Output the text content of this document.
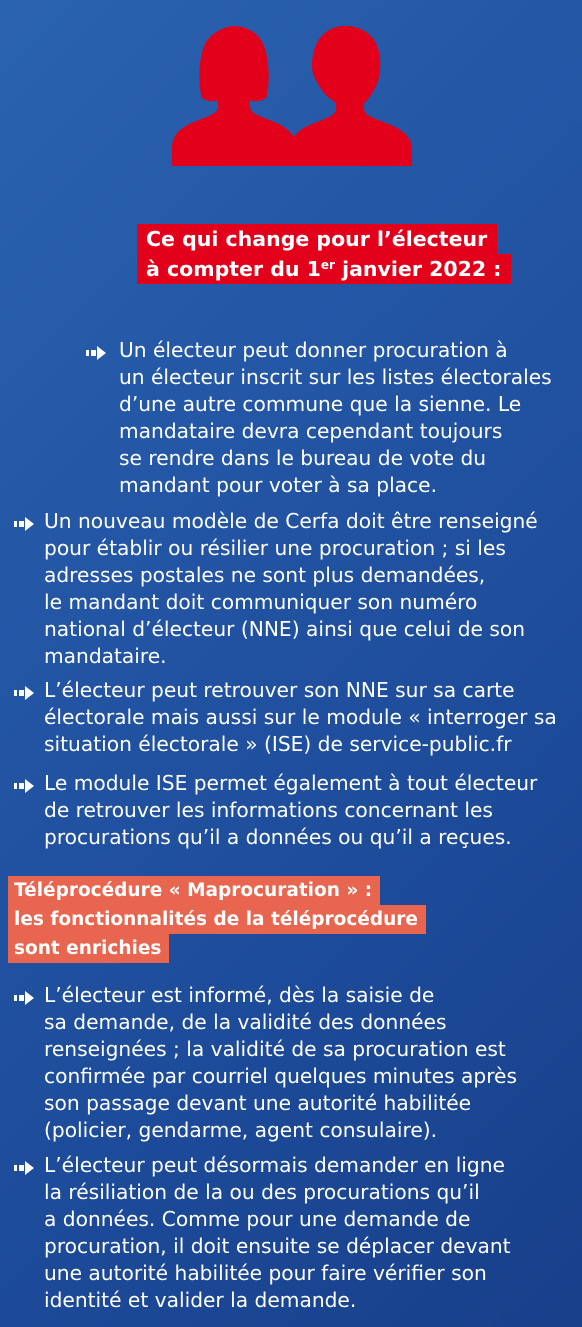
Ce qui change pour l’électeur
à compter du 1er janvier 2022 :

Un électeur peut donner procuration à
un électeur inscrit sur les listes électorales
d’une autre commune que la sienne. Le
mandataire devra cependant toujours
se rendre dans le bureau de vote du
mandant pour voter à sa place.

Un nouveau modèle de Cerfa doit être renseigné
pour établir ou résilier une procuration ; si les
adresses postales ne sont plus demandées,
le mandant doit communiquer son numéro
national d’électeur (NNE) ainsi que celui de son
mandataire.

L’électeur peut retrouver son NNE sur sa carte
électorale mais aussi sur le module « interroger sa
situation électorale » (ISE) de service-public.fr

Le module ISE permet également à tout électeur
de retrouver les informations concernant les
procurations qu’il a données ou qu’il a reçues.

Téléprocédure « Maprocuration » :
les fonctionnalités de la téléprocédure
sont enrichies

L’électeur est informé, dès la saisie de
sa demande, de la validité des données
renseignées ; la validité de sa procuration est
confirmée par courriel quelques minutes après
son passage devant une autorité habilitée
(policier, gendarme, agent consulaire).

L’électeur peut désormais demander en ligne
la résiliation de la ou des procurations qu’il
a données. Comme pour une demande de
procuration, il doit ensuite se déplacer devant
une autorité habilitée pour faire vérifier son
identité et valider la demande.
